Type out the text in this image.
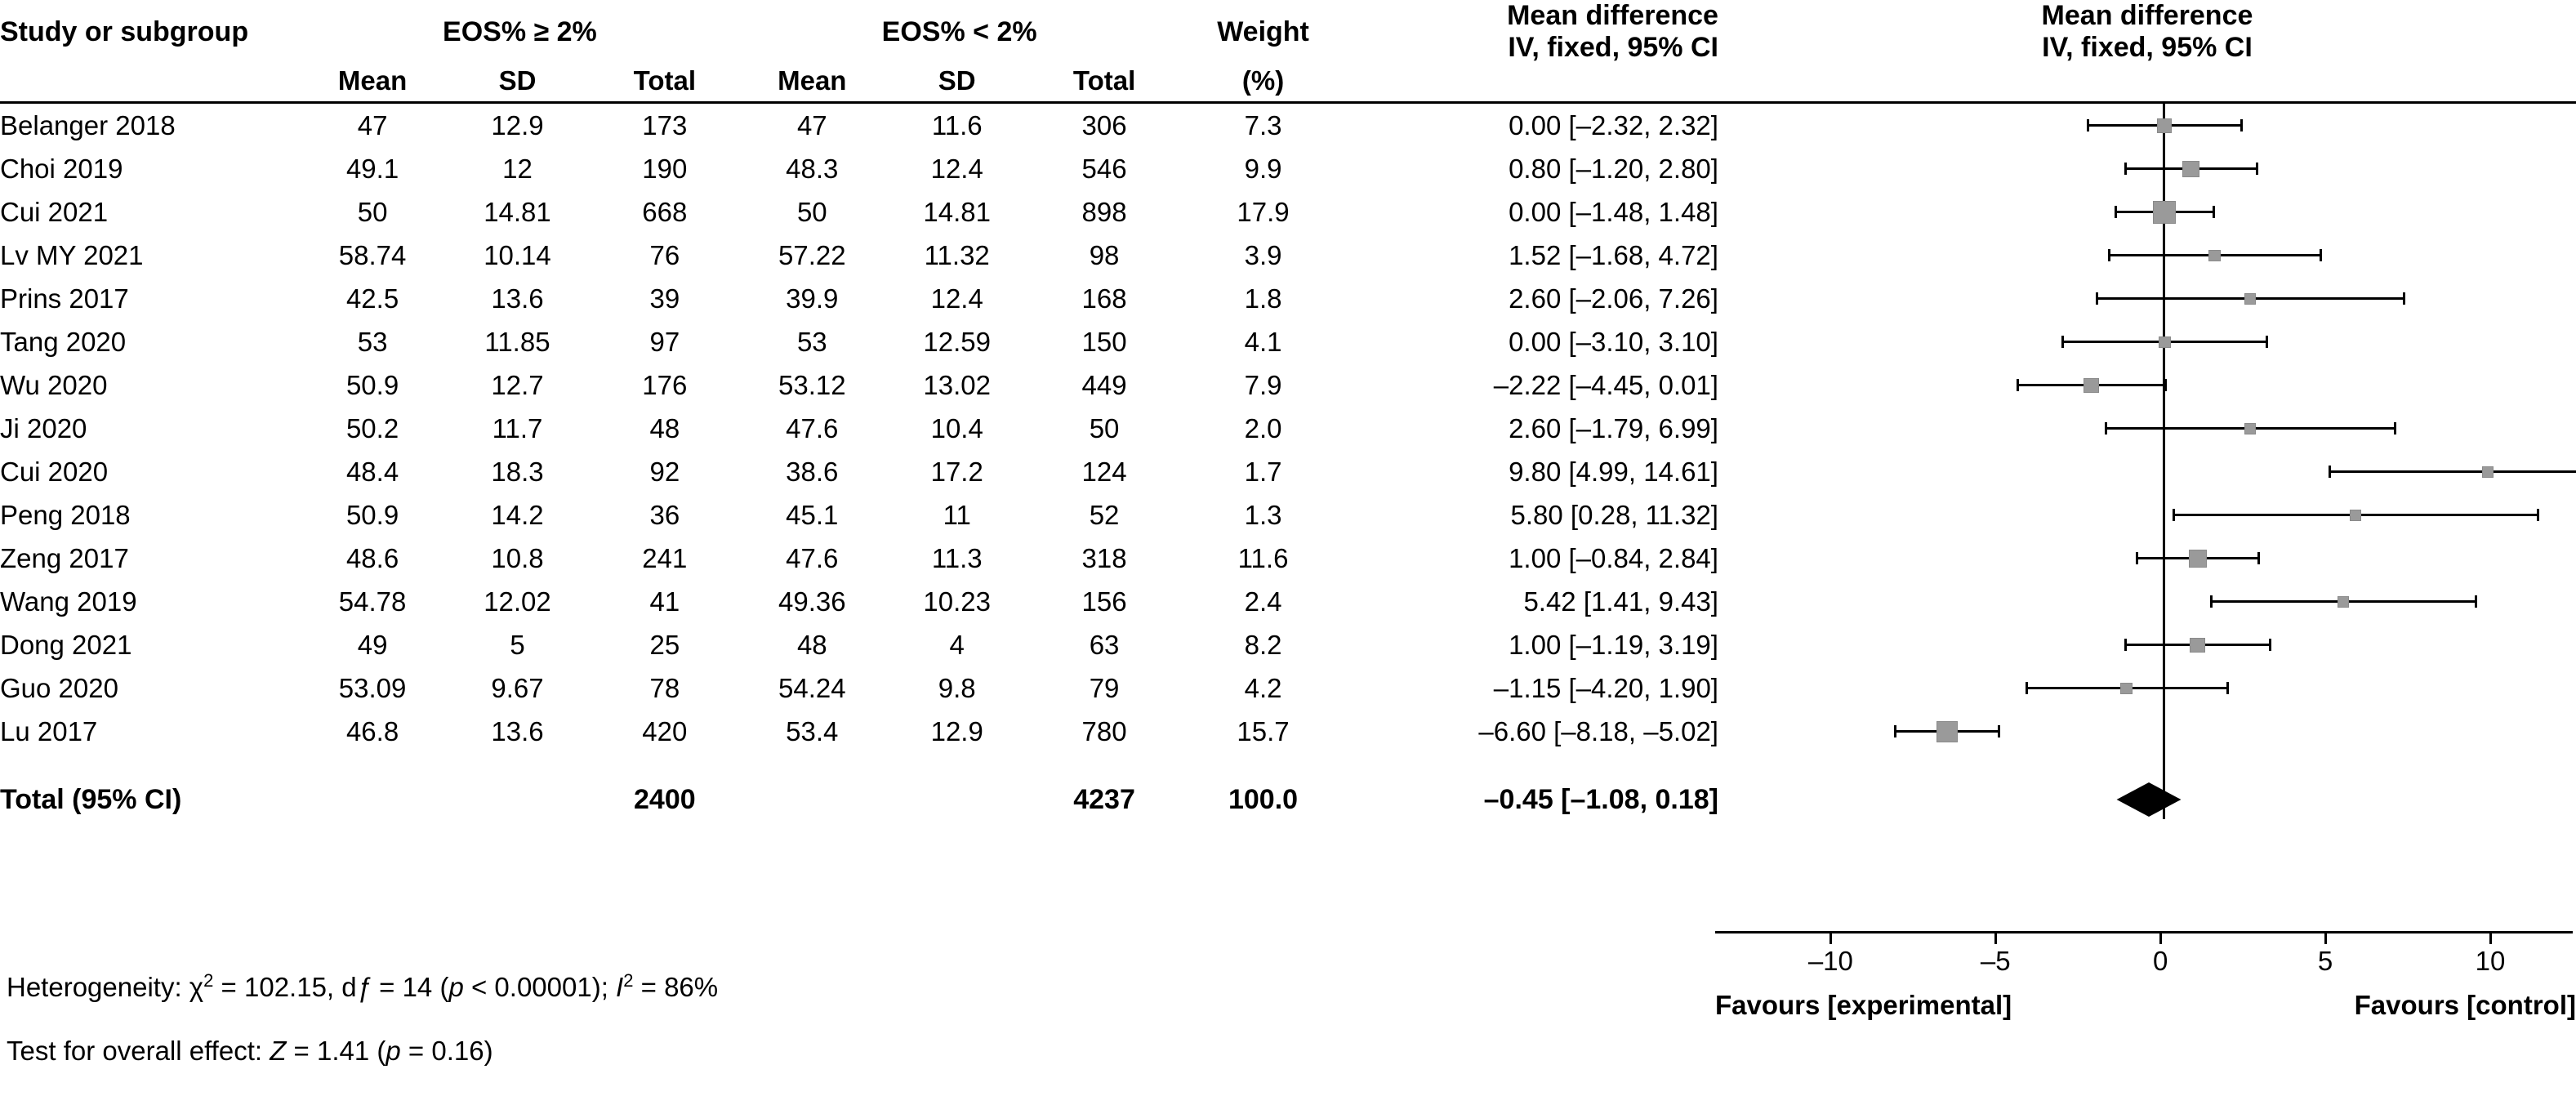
Study or subgroup	EOS% ≥ 2%	EOS% < 2%	Weight	
Mean difference
IV, fixed, 95% CI

Mean difference
IV, fixed, 95% CI

	Mean	SD	Total	Mean	SD	Total	(%)		
Belanger 2018	47	12.9	173	47	11.6	306	7.3	0.00 [–2.32, 2.32]	

Choi 2019	49.1	12	190	48.3	12.4	546	9.9	0.80 [–1.20, 2.80]	

Cui 2021	50	14.81	668	50	14.81	898	17.9	0.00 [–1.48, 1.48]	

Lv MY 2021	58.74	10.14	76	57.22	11.32	98	3.9	1.52 [–1.68, 4.72]	

Prins 2017	42.5	13.6	39	39.9	12.4	168	1.8	2.60 [–2.06, 7.26]	

Tang 2020	53	11.85	97	53	12.59	150	4.1	0.00 [–3.10, 3.10]	

Wu 2020	50.9	12.7	176	53.12	13.02	449	7.9	–2.22 [–4.45, 0.01]	

Ji 2020	50.2	11.7	48	47.6	10.4	50	2.0	2.60 [–1.79, 6.99]	

Cui 2020	48.4	18.3	92	38.6	17.2	124	1.7	9.80 [4.99, 14.61]	

Peng 2018	50.9	14.2	36	45.1	11	52	1.3	5.80 [0.28, 11.32]	

Zeng 2017	48.6	10.8	241	47.6	11.3	318	11.6	1.00 [–0.84, 2.84]	

Wang 2019	54.78	12.02	41	49.36	10.23	156	2.4	5.42 [1.41, 9.43]	

Dong 2021	49	5	25	48	4	63	8.2	1.00 [–1.19, 3.19]	

Guo 2020	53.09	9.67	78	54.24	9.8	79	4.2	–1.15 [–4.20, 1.90]	

Lu 2017	46.8	13.6	420	53.4	12.9	780	15.7	–6.60 [–8.18, –5.02]	

Total (95% CI)			2400			4237	100.0	–0.45 [–1.08, 0.18]	
–10	–5	0	5	10
Favours [experimental]	Favours [control]
Heterogeneity: $\chi^2 = 102.15$, dƒ = 14 (p < 0.00001); $I^2 = 86\%$
Test for overall effect: Z = 1.41 (p = 0.16)
